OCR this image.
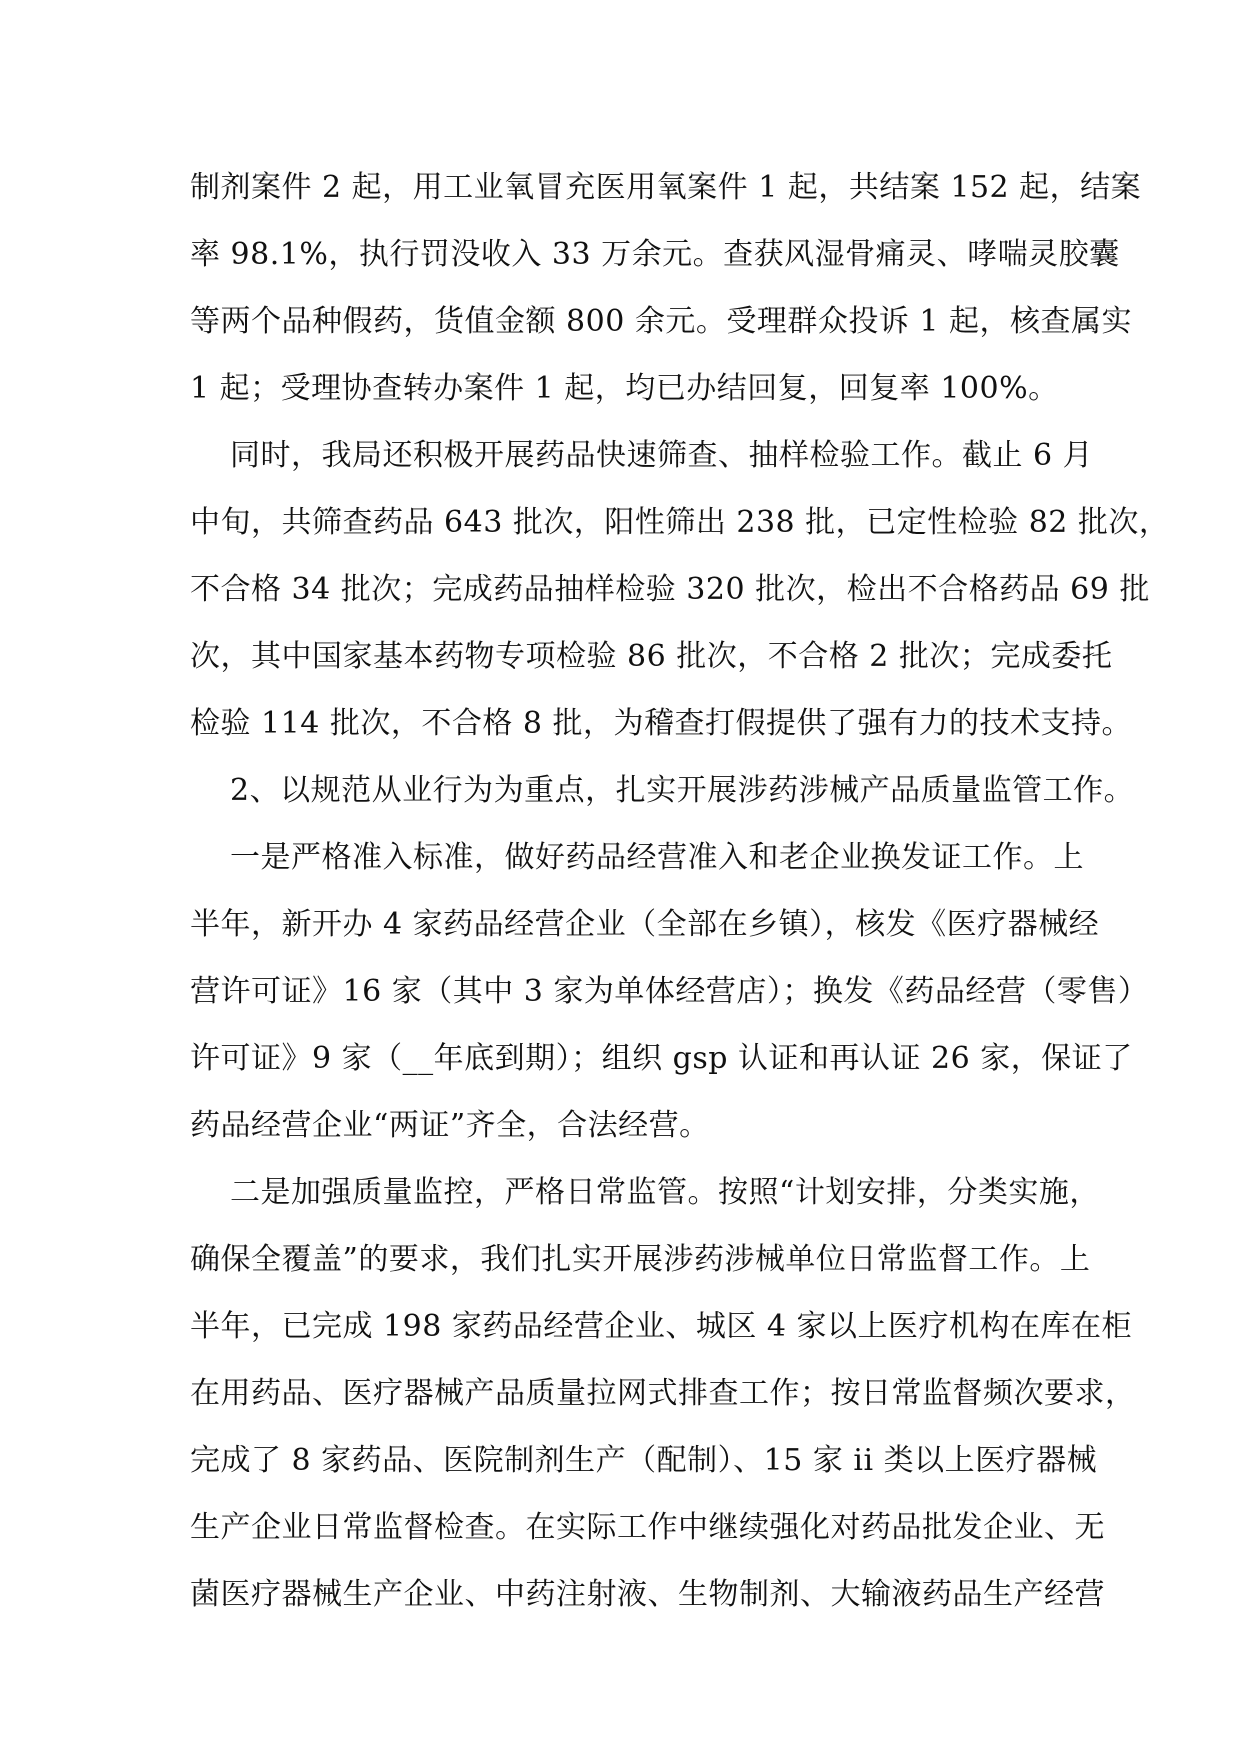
制剂案件 2 起，用工业氧冒充医用氧案件 1 起，共结案 152 起，结案
率 98.1%，执行罚没收入 33 万余元。查获风湿骨痛灵、哮喘灵胶囊
等两个品种假药，货值金额 800 余元。受理群众投诉 1 起，核查属实
1 起；受理协查转办案件 1 起，均已办结回复，回复率 100%。
同时，我局还积极开展药品快速筛查、抽样检验工作。截止 6 月
中旬，共筛查药品 643 批次，阳性筛出 238 批，已定性检验 82 批次，
不合格 34 批次；完成药品抽样检验 320 批次，检出不合格药品 69 批
次，其中国家基本药物专项检验 86 批次，不合格 2 批次；完成委托
检验 114 批次，不合格 8 批，为稽查打假提供了强有力的技术支持。
2、以规范从业行为为重点，扎实开展涉药涉械产品质量监管工作。
一是严格准入标准，做好药品经营准入和老企业换发证工作。上
半年，新开办 4 家药品经营企业（全部在乡镇），核发《医疗器械经
营许可证》16 家（其中 3 家为单体经营店）；换发《药品经营（零售）
许可证》9 家（__年底到期）；组织 gsp 认证和再认证 26 家，保证了
药品经营企业“两证”齐全，合法经营。
二是加强质量监控，严格日常监管。按照“计划安排，分类实施，
确保全覆盖”的要求，我们扎实开展涉药涉械单位日常监督工作。上
半年，已完成 198 家药品经营企业、城区 4 家以上医疗机构在库在柜
在用药品、医疗器械产品质量拉网式排查工作；按日常监督频次要求，
完成了 8 家药品、医院制剂生产（配制）、15 家 ii 类以上医疗器械
生产企业日常监督检查。在实际工作中继续强化对药品批发企业、无
菌医疗器械生产企业、中药注射液、生物制剂、大输液药品生产经营
